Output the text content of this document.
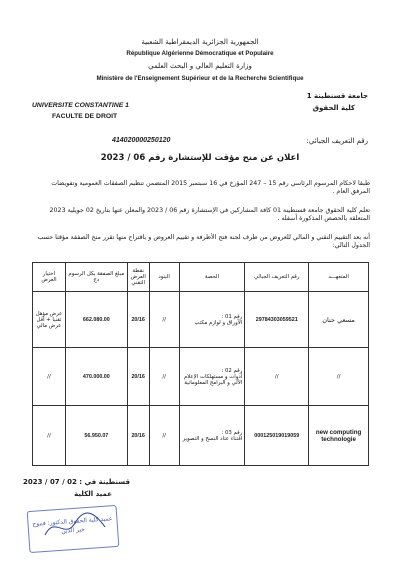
الجمهورية الجزائرية الديمقراطية الشعبية
République Algérienne Démocratique et Populaire
وزارة التعليم العالي و البحث العلمي
Ministère de l'Enseignement Supérieur et de la Recherche Scientifique
جامعة قسنطينة 1
كلية الحقوق
UNIVERSITE CONSTANTINE 1
FACULTE DE DROIT
رقم التعريف الجبائي:
414020000250120
اعلان عن منح مؤقت للإستشارة رقم 06 / 2023
طبقا لاحكام المرسوم الرئاسي رقم 15 – 247 المؤرخ في 16 سبتمبر 2015 المتضمن تنظيم الصفقات العمومية وتفويضات المرفق العام .
تعلم كلية الحقوق جامعة قسنطينة 01 كافة المشاركين في الإستشارة رقم 06 / 2023 والمعلن عنها بتاريخ 02 جويلية 2023 المتعلقة بالحصص المذكورة أسفله .
أنه بعد التقييم التقني و المالي للعروض من طرف لجنة فتح الأظرفة و تقييم العروض و باقتراح منها تقرر منح الصفقة مؤقتا حسب الجدول التالي:
المتعهـــد	رقم التعريف الجبائي	الحصة	البنود	نقطة العرض التقني	مبلغ الصفقة بكل الرسوم دج	اختيار العرض
مسعي حنان	29784303059521	رقم 01 :
الأوراق و لوازم مكتب	//	20/16	662.080.00	عرض مؤهل تقنيا + أقل عرض مالي
//	//	رقم 02 :
أدوات و مستهلكات الإعلام الآلي و البرامج المعلوماتية	//	20/16	470.000.00	//
new computing technologie	000125019019059	رقم 03 :
اقتناء عتاد النسخ و التصوير	//	20/16	56.950.07	//
قسنطينة في : 02 / 07 / 2023
عميد الكلية
عميد كلية الحقوق الدكتور: فموح خير الدين
